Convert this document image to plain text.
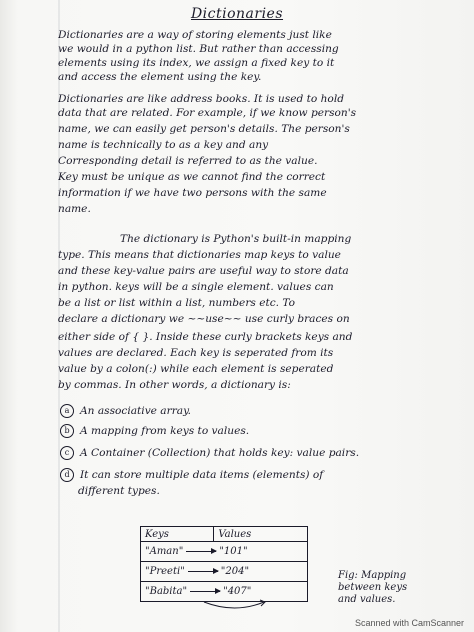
Dictionaries
Dictionaries are a way of storing elements just like
we would in a python list. But rather than accessing
elements using its index, we assign a fixed key to it
and access the element using the key.
Dictionaries are like address books. It is used to hold
data that are related. For example, if we know person's
name, we can easily get person's details. The person's
name is technically to as a key and any
Corresponding detail is referred to as the value.
Key must be unique as we cannot find the correct
information if we have two persons with the same
name.
The dictionary is Python's built-in mapping
type. This means that dictionaries map keys to value
and these key-value pairs are useful way to store data
in python. keys will be a single element. values can
be a list or list within a list, numbers etc. To
declare a dictionary we ~~use~~ use curly braces on
either side of { }. Inside these curly brackets keys and
values are declared. Each key is seperated from its
value by a colon(:) while each element is seperated
by commas. In other words, a dictionary is:
a An associative array.
b A mapping from keys to values.
c A Container (Collection) that holds key: value pairs.
d It can store multiple data items (elements) of
different types.
Keys	Values
"Aman"	"101"
"Preeti"	"204"
"Babita"	"407"
Fig: Mapping
between keys
and values.
Scanned with CamScanner
